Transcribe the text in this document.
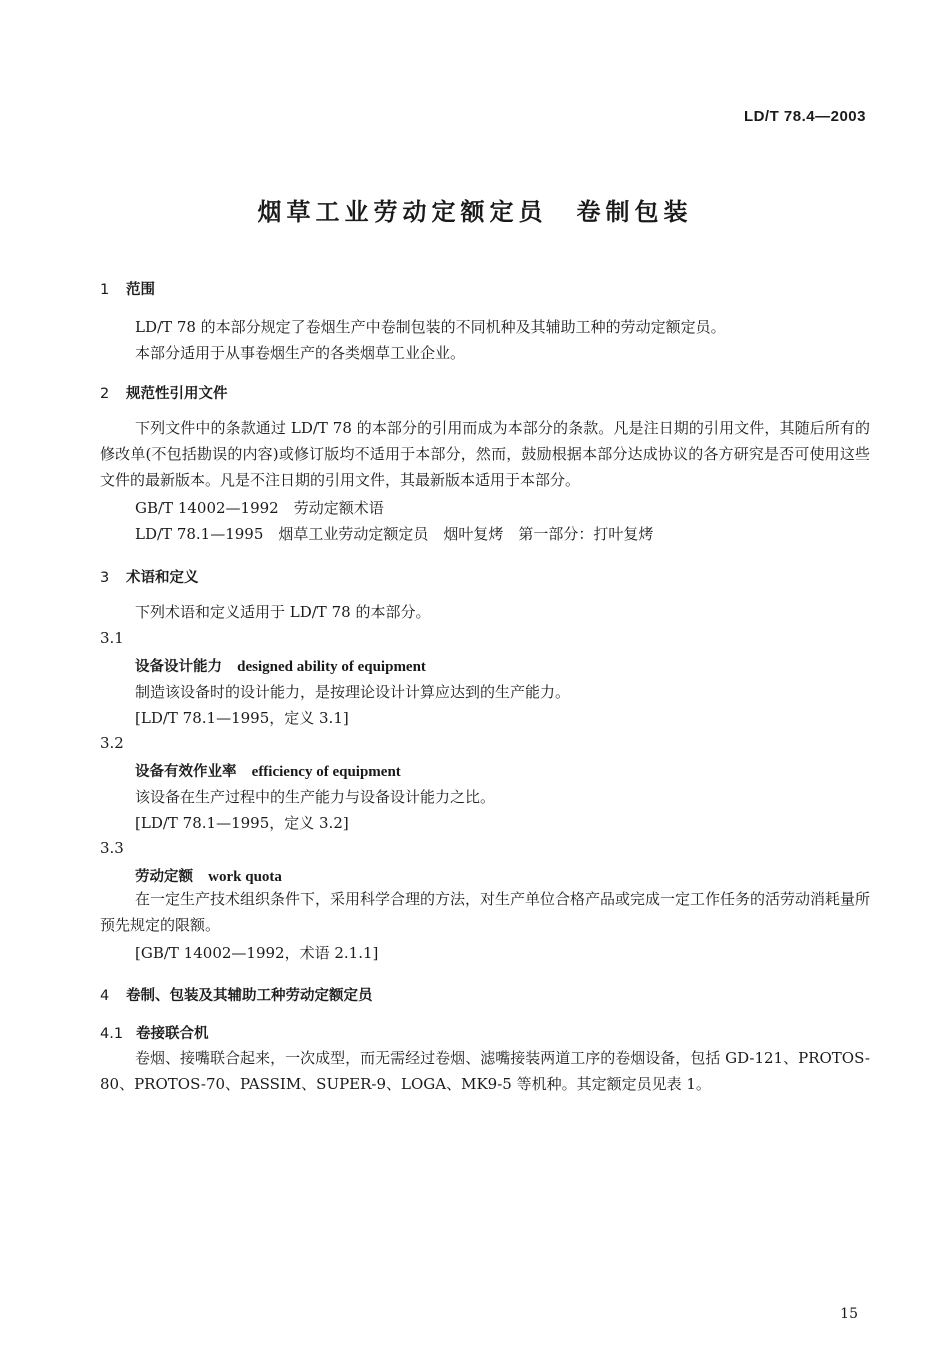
LD/T 78.4—2003
烟草工业劳动定额定员　卷制包装
1 范围
LD/T 78 的本部分规定了卷烟生产中卷制包装的不同机种及其辅助工种的劳动定额定员。
本部分适用于从事卷烟生产的各类烟草工业企业。
2 规范性引用文件
下列文件中的条款通过 LD/T 78 的本部分的引用而成为本部分的条款。凡是注日期的引用文件，其随后所有的修改单(不包括勘误的内容)或修订版均不适用于本部分，然而，鼓励根据本部分达成协议的各方研究是否可使用这些文件的最新版本。凡是不注日期的引用文件，其最新版本适用于本部分。
GB/T 14002—1992　劳动定额术语
LD/T 78.1—1995　烟草工业劳动定额定员　烟叶复烤　第一部分：打叶复烤
3 术语和定义
下列术语和定义适用于 LD/T 78 的本部分。
3.1
设备设计能力 designed ability of equipment
制造该设备时的设计能力，是按理论设计计算应达到的生产能力。
[LD/T 78.1—1995，定义 3.1]
3.2
设备有效作业率 efficiency of equipment
该设备在生产过程中的生产能力与设备设计能力之比。
[LD/T 78.1—1995，定义 3.2]
3.3
劳动定额 work quota
在一定生产技术组织条件下，采用科学合理的方法，对生产单位合格产品或完成一定工作任务的活劳动消耗量所预先规定的限额。
[GB/T 14002—1992，术语 2.1.1]
4 卷制、包装及其辅助工种劳动定额定员
4.1 卷接联合机
卷烟、接嘴联合起来，一次成型，而无需经过卷烟、滤嘴接装两道工序的卷烟设备，包括 GD-121、PROTOS-80、PROTOS-70、PASSIM、SUPER-9、LOGA、MK9-5 等机种。其定额定员见表 1。
15
